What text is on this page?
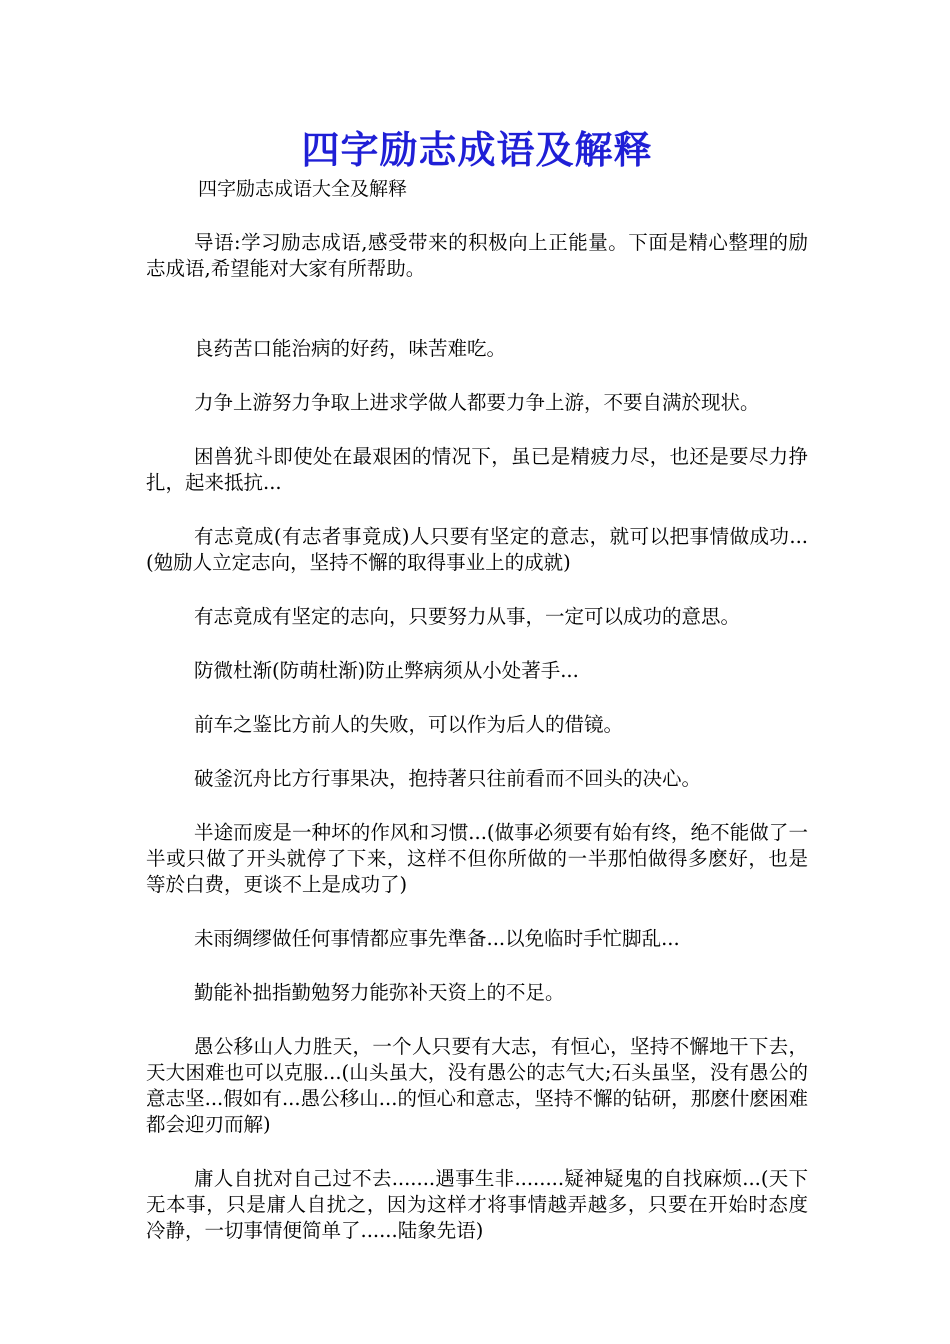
四字励志成语及解释

四字励志成语大全及解释

导语:学习励志成语,感受带来的积极向上正能量。下面是精心整理的励志成语,希望能对大家有所帮助。

良药苦口能治病的好药，味苦难吃。

力争上游努力争取上进求学做人都要力争上游，不要自满於现状。

困兽犹斗即使处在最艰困的情况下，虽已是精疲力尽，也还是要尽力挣扎，起来抵抗...

有志竟成(有志者事竟成)人只要有坚定的意志，就可以把事情做成功...(勉励人立定志向，坚持不懈的取得事业上的成就)

有志竟成有坚定的志向，只要努力从事，一定可以成功的意思。

防微杜渐(防萌杜渐)防止弊病须从小处著手...

前车之鉴比方前人的失败，可以作为后人的借镜。

破釜沉舟比方行事果决，抱持著只往前看而不回头的决心。

半途而废是一种坏的作风和习惯...(做事必须要有始有终，绝不能做了一半或只做了开头就停了下来，这样不但你所做的一半那怕做得多麽好，也是等於白费，更谈不上是成功了)

未雨绸缪做任何事情都应事先準备...以免临时手忙脚乱...

勤能补拙指勤勉努力能弥补天资上的不足。

愚公移山人力胜天，一个人只要有大志，有恒心，坚持不懈地干下去，天大困难也可以克服...(山头虽大，没有愚公的志气大;石头虽坚，没有愚公的意志坚...假如有...愚公移山...的恒心和意志，坚持不懈的钻研，那麽什麽困难都会迎刃而解)

庸人自扰对自己过不去.......遇事生非........疑神疑鬼的自找麻烦...(天下无本事，只是庸人自扰之，因为这样才将事情越弄越多，只要在开始时态度冷静，一切事情便简单了......陆象先语)
